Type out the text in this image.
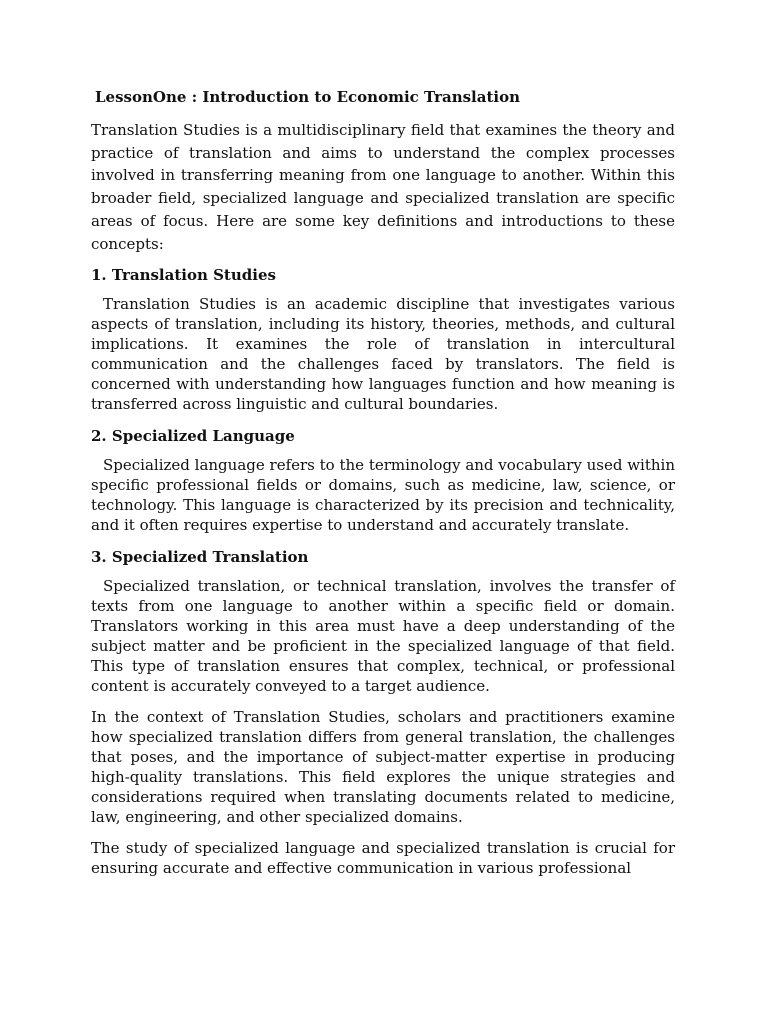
LessonOne : Introduction to Economic Translation

Translation Studies is a multidisciplinary field that examines the theory and practice of translation and aims to understand the complex processes involved in transferring meaning from one language to another. Within this broader field, specialized language and specialized translation are specific areas of focus. Here are some key definitions and introductions to these concepts:

1. Translation Studies

Translation Studies is an academic discipline that investigates various aspects of translation, including its history, theories, methods, and cultural implications. It examines the role of translation in intercultural communication and the challenges faced by translators. The field is concerned with understanding how languages function and how meaning is transferred across linguistic and cultural boundaries.

2. Specialized Language

Specialized language refers to the terminology and vocabulary used within specific professional fields or domains, such as medicine, law, science, or technology. This language is characterized by its precision and technicality, and it often requires expertise to understand and accurately translate.

3. Specialized Translation

Specialized translation, or technical translation, involves the transfer of texts from one language to another within a specific field or domain. Translators working in this area must have a deep understanding of the subject matter and be proficient in the specialized language of that field. This type of translation ensures that complex, technical, or professional content is accurately conveyed to a target audience.

In the context of Translation Studies, scholars and practitioners examine how specialized translation differs from general translation, the challenges that poses, and the importance of subject-matter expertise in producing high-quality translations. This field explores the unique strategies and considerations required when translating documents related to medicine, law, engineering, and other specialized domains.

The study of specialized language and specialized translation is crucial for ensuring accurate and effective communication in various professional
